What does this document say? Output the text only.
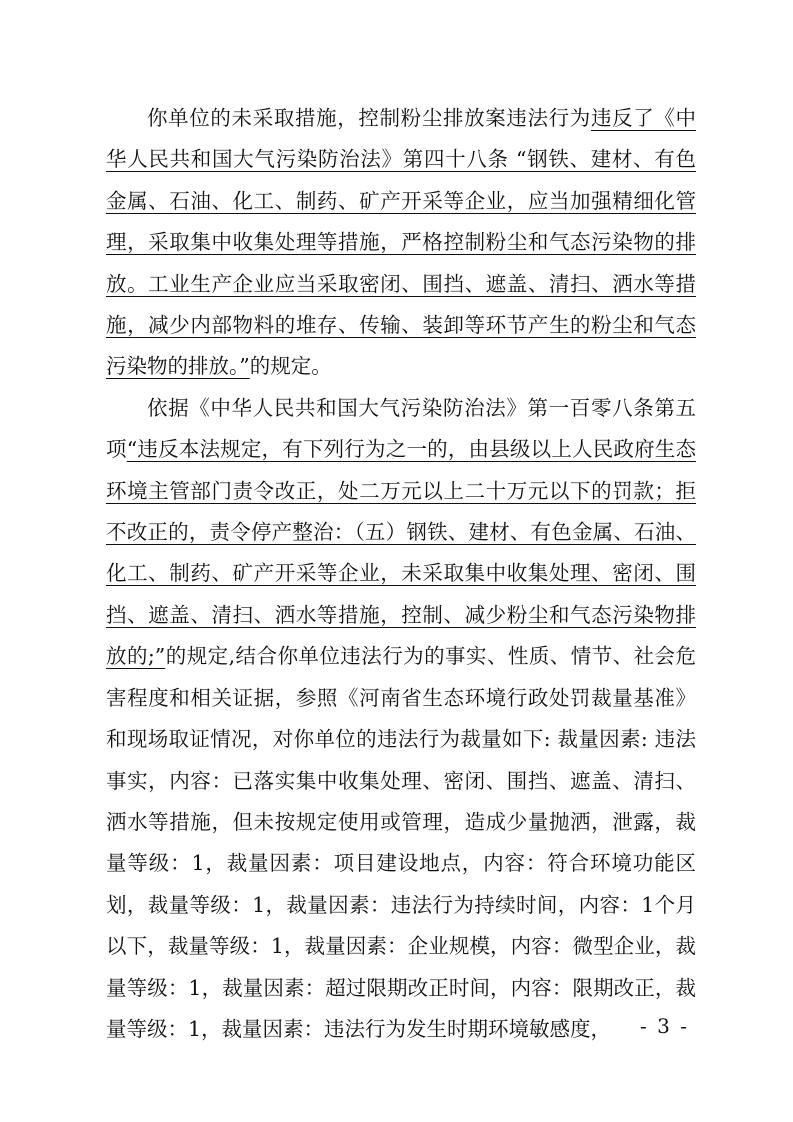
你单位的未采取措施，控制粉尘排放案违法行为违反了《中华人民共和国大气污染防治法》第四十八条 “钢铁、建材、有色金属、石油、化工、制药、矿产开采等企业，应当加强精细化管理，采取集中收集处理等措施，严格控制粉尘和气态污染物的排放。工业生产企业应当采取密闭、围挡、遮盖、清扫、洒水等措施，减少内部物料的堆存、传输、装卸等环节产生的粉尘和气态污染物的排放。”的规定。

依据《中华人民共和国大气污染防治法》第一百零八条第五项“违反本法规定，有下列行为之一的，由县级以上人民政府生态环境主管部门责令改正，处二万元以上二十万元以下的罚款；拒不改正的，责令停产整治：（五）钢铁、建材、有色金属、石油、化工、制药、矿产开采等企业，未采取集中收集处理、密闭、围挡、遮盖、清扫、洒水等措施，控制、减少粉尘和气态污染物排放的;”的规定,结合你单位违法行为的事实、性质、情节、社会危害程度和相关证据，参照《河南省生态环境行政处罚裁量基准》和现场取证情况，对你单位的违法行为裁量如下: 裁量因素: 违法事实，内容：已落实集中收集处理、密闭、围挡、遮盖、清扫、洒水等措施，但未按规定使用或管理，造成少量抛洒，泄露，裁量等级：1，裁量因素：项目建设地点，内容：符合环境功能区划，裁量等级：1，裁量因素：违法行为持续时间，内容：1个月以下，裁量等级：1，裁量因素：企业规模，内容：微型企业，裁量等级：1，裁量因素：超过限期改正时间，内容：限期改正，裁量等级：1，裁量因素：违法行为发生时期环境敏感度，	- 3 -
